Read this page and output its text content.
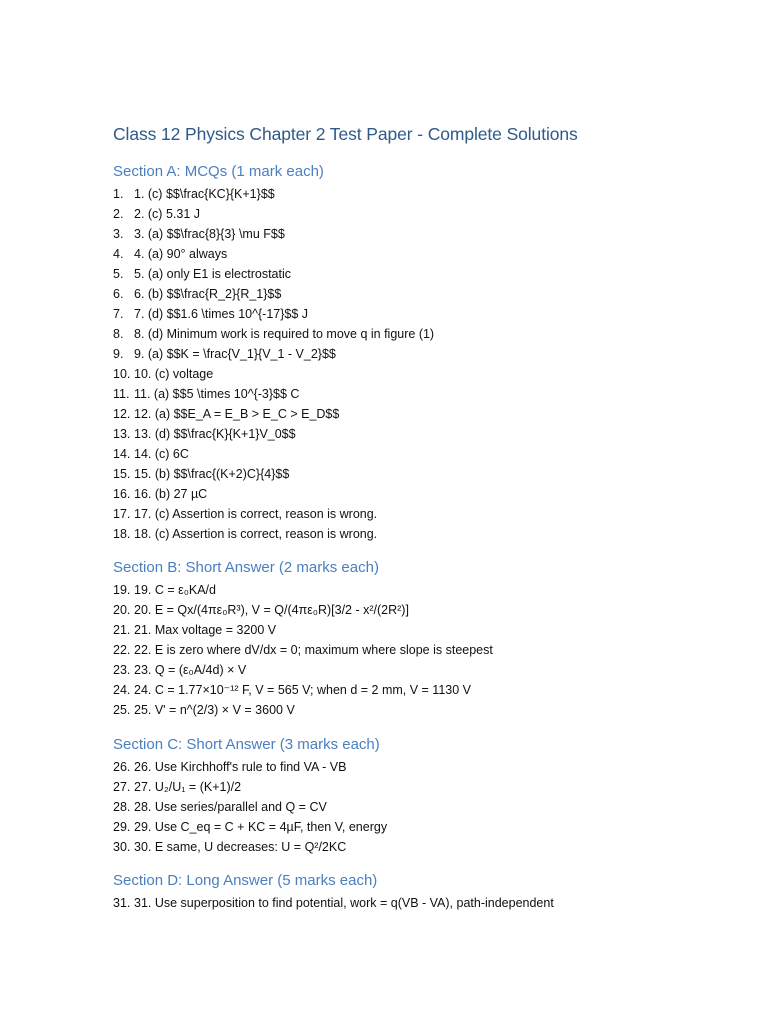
Class 12 Physics Chapter 2 Test Paper - Complete Solutions
Section A: MCQs (1 mark each)
1. 1. (c) $$\frac{KC}{K+1}$$
2. 2. (c) 5.31 J
3. 3. (a) $$\frac{8}{3} \mu F$$
4. 4. (a) 90° always
5. 5. (a) only E1 is electrostatic
6. 6. (b) $$\frac{R_2}{R_1}$$
7. 7. (d) $$1.6 \times 10^{-17}$$ J
8. 8. (d) Minimum work is required to move q in figure (1)
9. 9. (a) $$K = \frac{V_1}{V_1 - V_2}$$
10. 10. (c) voltage
11. 11. (a) $$5 \times 10^{-3}$$ C
12. 12. (a) $$E_A = E_B > E_C > E_D$$
13. 13. (d) $$\frac{K}{K+1}V_0$$
14. 14. (c) 6C
15. 15. (b) $$\frac{(K+2)C}{4}$$
16. 16. (b) 27 µC
17. 17. (c) Assertion is correct, reason is wrong.
18. 18. (c) Assertion is correct, reason is wrong.
Section B: Short Answer (2 marks each)
19. 19. C = ε₀KA/d
20. 20. E = Qx/(4πε₀R³), V = Q/(4πε₀R)[3/2 - x²/(2R²)]
21. 21. Max voltage = 3200 V
22. 22. E is zero where dV/dx = 0; maximum where slope is steepest
23. 23. Q = (ε₀A/4d) × V
24. 24. C = 1.77×10⁻¹² F, V = 565 V; when d = 2 mm, V = 1130 V
25. 25. V' = n^(2/3) × V = 3600 V
Section C: Short Answer (3 marks each)
26. 26. Use Kirchhoff's rule to find VA - VB
27. 27. U₂/U₁ = (K+1)/2
28. 28. Use series/parallel and Q = CV
29. 29. Use C_eq = C + KC = 4µF, then V, energy
30. 30. E same, U decreases: U = Q²/2KC
Section D: Long Answer (5 marks each)
31. 31. Use superposition to find potential, work = q(VB - VA), path-independent
